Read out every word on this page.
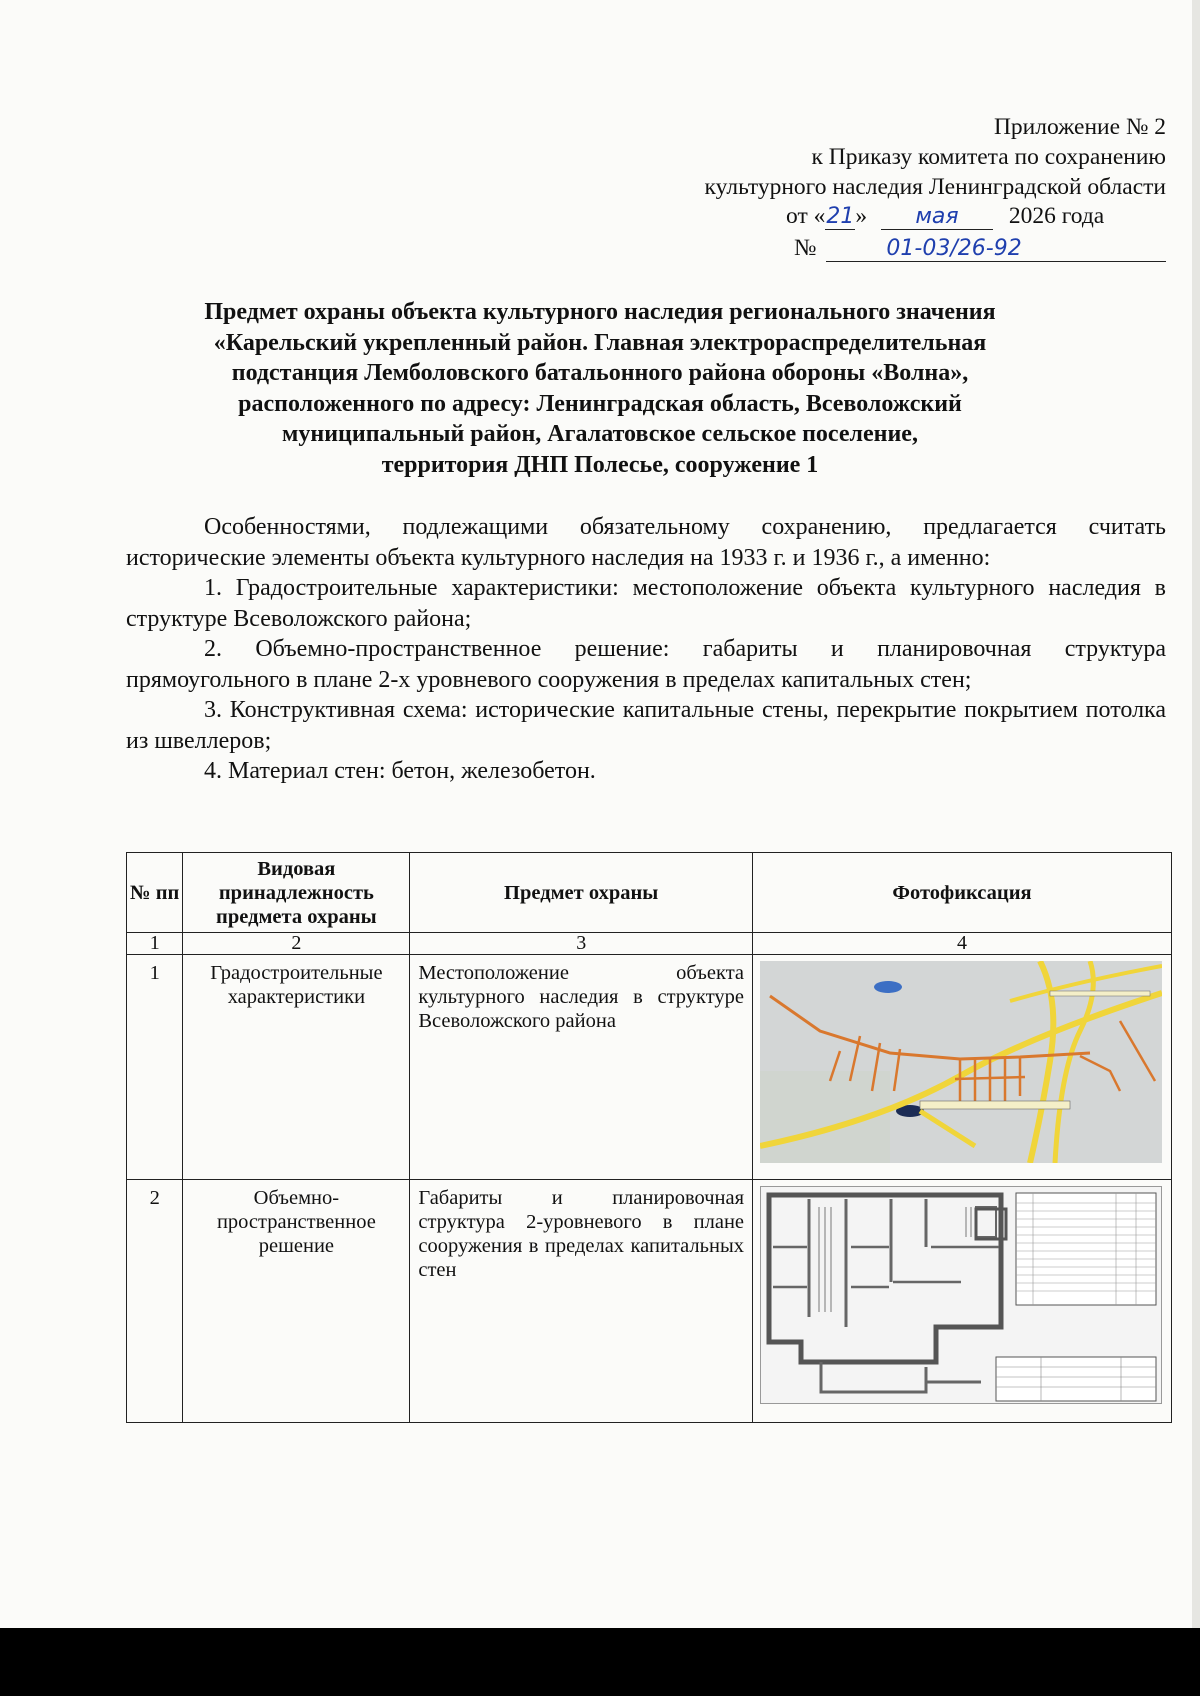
Приложение № 2
к Приказу комитета по сохранению
культурного наследия Ленинградской области
от «21» мая 2026 года
№	01-03/26-92
Предмет охраны объекта культурного наследия регионального значения
«Карельский укрепленный район. Главная электрораспределительная
подстанция Лемболовского батальонного района обороны «Волна»,
расположенного по адресу: Ленинградская область, Всеволожский
муниципальный район, Агалатовское сельское поселение,
территория ДНП Полесье, сооружение 1

Особенностями, подлежащими обязательному сохранению, предлагается считать исторические элементы объекта культурного наследия на 1933 г. и 1936 г., а именно:

1. Градостроительные характеристики: местоположение объекта культурного наследия в структуре Всеволожского района;

2. Объемно-пространственное решение: габариты и планировочная структура прямоугольного в плане 2-х уровневого сооружения в пределах капитальных стен;

3. Конструктивная схема: исторические капитальные стены, перекрытие покрытием потолка из швеллеров;

4. Материал стен: бетон, железобетон.

№ пп	Видовая принадлежность предмета охраны	Предмет охраны	Фотофиксация
1	2	3	4
1	Градостроительные характеристики	Местоположение объекта культурного наследия в структуре Всеволожского района	

2	Объемно-пространственное решение	Габариты и планировочная структура 2-уровневого в плане сооружения в пределах капитальных стен	
